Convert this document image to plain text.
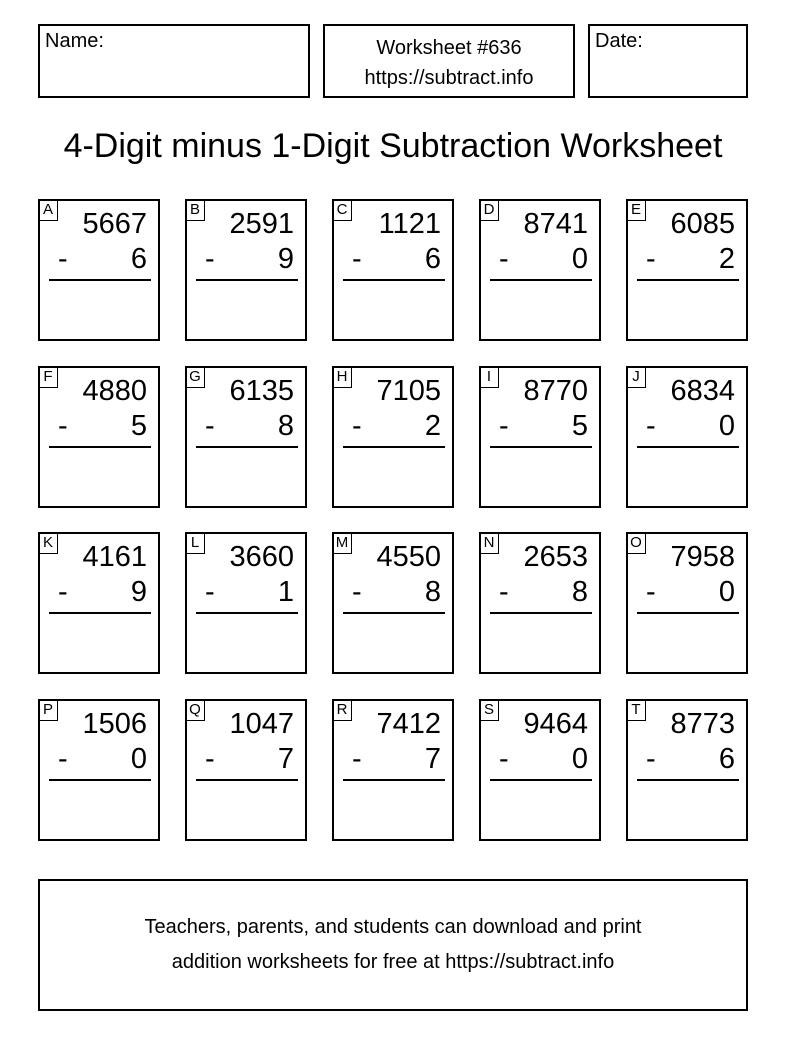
Name:	Worksheet #636
https://subtract.info
Date:
4-Digit minus 1-Digit Subtraction Worksheet
A 5667
- 6
B 2591
- 9
C 1121
- 6
D 8741
- 0
E 6085
- 2
F 4880
- 5
G 6135
- 8
H 7105
- 2
I 8770
- 5
J 6834
- 0
K 4161
- 9
L 3660
- 1
M 4550
- 8
N 2653
- 8
O 7958
- 0
P 1506
- 0
Q 1047
- 7
R 7412
- 7
S 9464
- 0
T 8773
- 6
Teachers, parents, and students can download and print
addition worksheets for free at https://subtract.info
